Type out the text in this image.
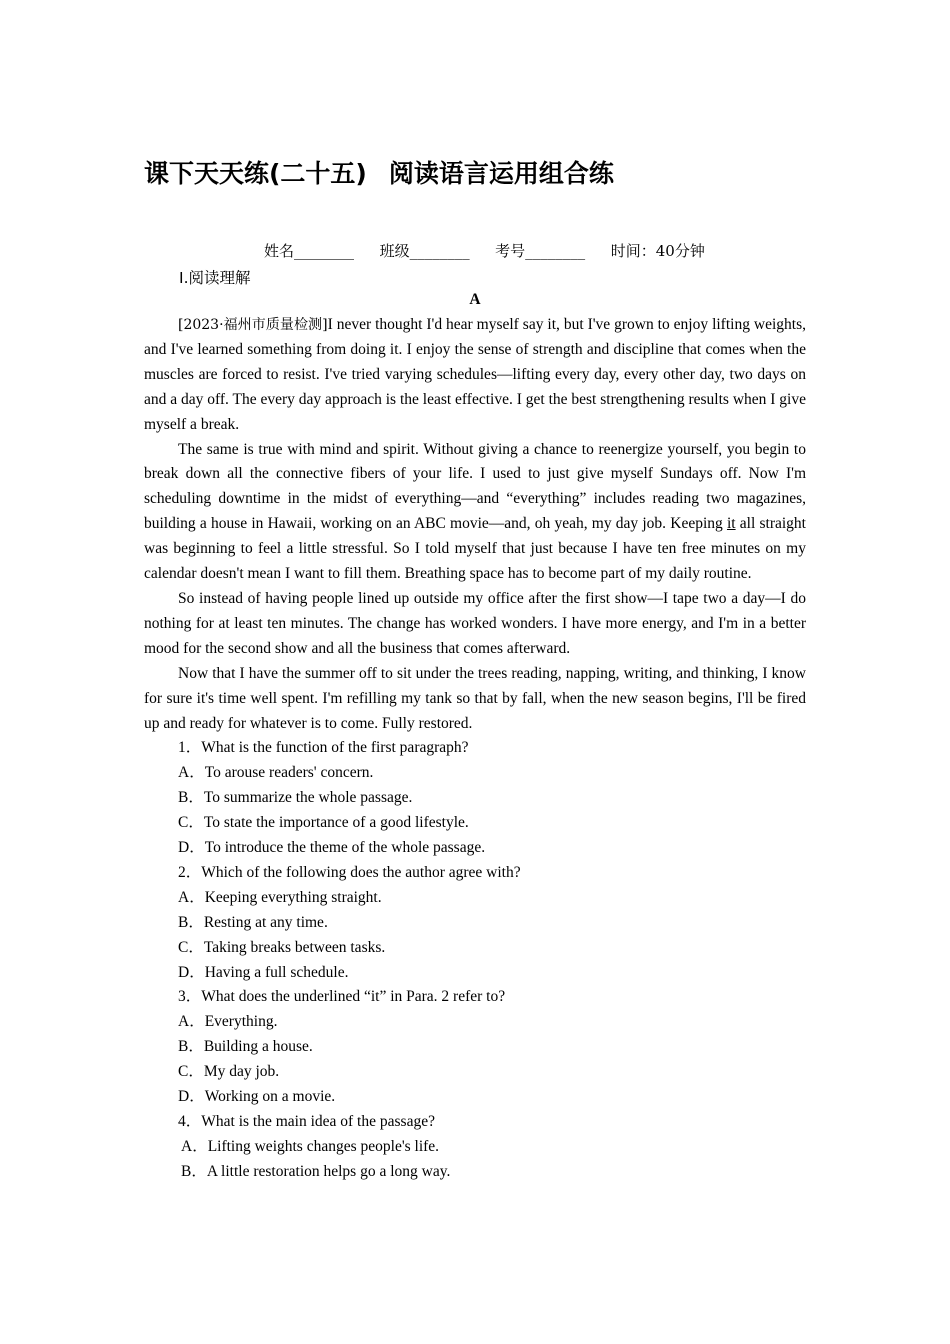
课下天天练(二十五) 阅读语言运用组合练
姓名________ 班级________ 考号________ 时间：40分钟
Ⅰ.阅读理解
A

[2023·福州市质量检测]I never thought I'd hear myself say it, but I've grown to enjoy lifting weights, and I've learned something from doing it. I enjoy the sense of strength and discipline that comes when the muscles are forced to resist. I've tried varying schedules—lifting every day, every other day, two days on and a day off. The every day approach is the least effective. I get the best strengthening results when I give myself a break.

The same is true with mind and spirit. Without giving a chance to reenergize yourself, you begin to break down all the connective fibers of your life. I used to just give myself Sundays off. Now I'm scheduling downtime in the midst of everything—and “everything” includes reading two magazines, building a house in Hawaii, working on an ABC movie—and, oh yeah, my day job. Keeping it all straight was beginning to feel a little stressful. So I told myself that just because I have ten free minutes on my calendar doesn't mean I want to fill them. Breathing space has to become part of my daily routine.

So instead of having people lined up outside my office after the first show—I tape two a day—I do nothing for at least ten minutes. The change has worked wonders. I have more energy, and I'm in a better mood for the second show and all the business that comes afterward.

Now that I have the summer off to sit under the trees reading, napping, writing, and thinking, I know for sure it's time well spent. I'm refilling my tank so that by fall, when the new season begins, I'll be fired up and ready for whatever is to come. Fully restored.

1．What is the function of the first paragraph?
A．To arouse readers' concern.
B．To summarize the whole passage.
C．To state the importance of a good lifestyle.
D．To introduce the theme of the whole passage.
2．Which of the following does the author agree with?
A．Keeping everything straight.
B．Resting at any time.
C．Taking breaks between tasks.
D．Having a full schedule.
3．What does the underlined “it” in Para. 2 refer to?
A．Everything.
B．Building a house.
C．My day job.
D．Working on a movie.
4．What is the main idea of the passage?
A．Lifting weights changes people's life.
B．A little restoration helps go a long way.
